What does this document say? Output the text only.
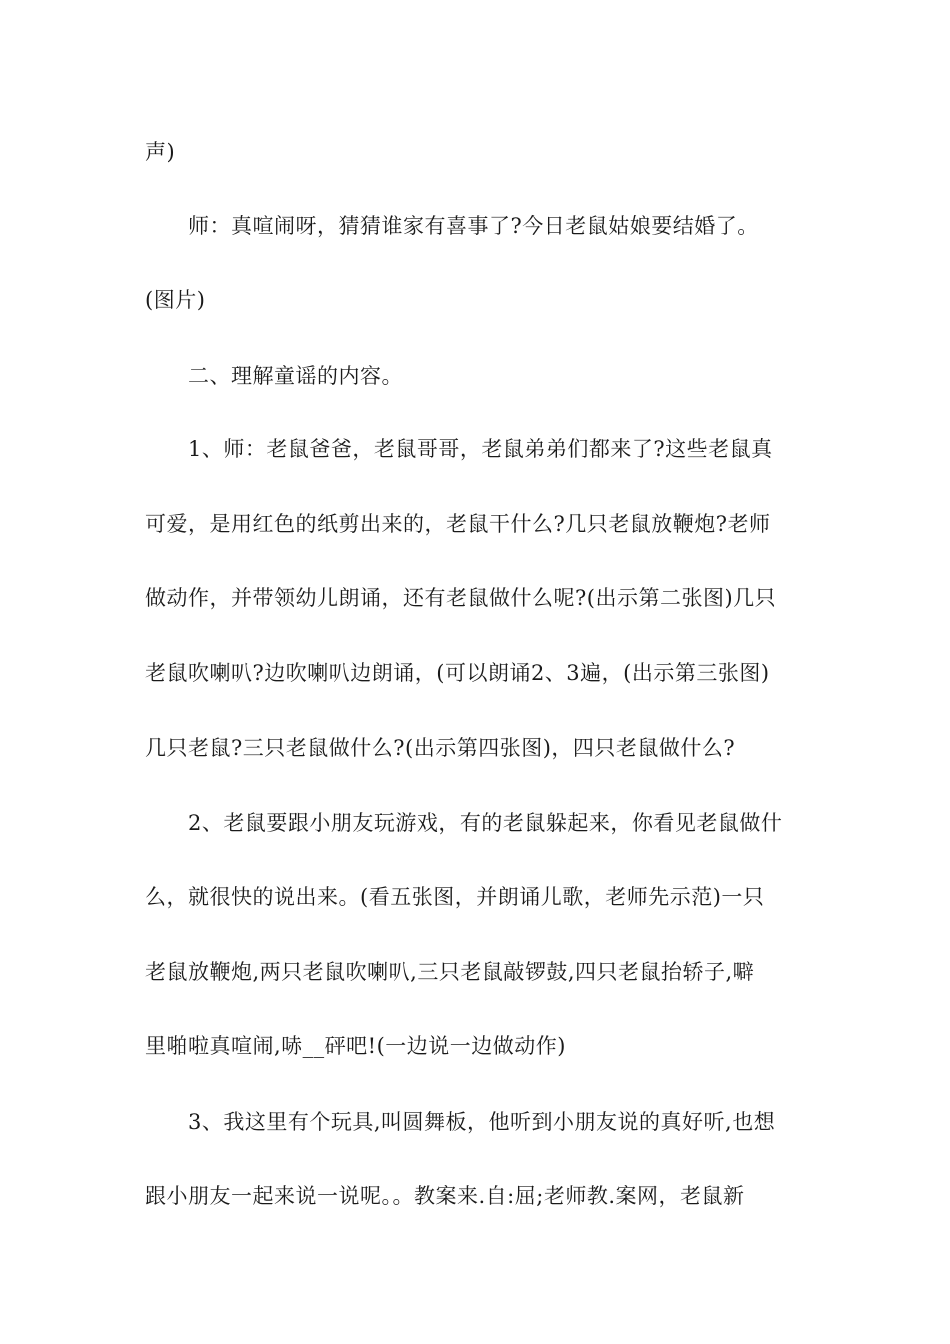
声)
师：真喧闹呀，猜猜谁家有喜事了?今日老鼠姑娘要结婚了。
(图片)
二、理解童谣的内容。
1、师：老鼠爸爸，老鼠哥哥，老鼠弟弟们都来了?这些老鼠真
可爱，是用红色的纸剪出来的，老鼠干什么?几只老鼠放鞭炮?老师
做动作，并带领幼儿朗诵，还有老鼠做什么呢?(出示第二张图)几只
老鼠吹喇叭?边吹喇叭边朗诵，(可以朗诵2、3遍，(出示第三张图)
几只老鼠?三只老鼠做什么?(出示第四张图)，四只老鼠做什么?
2、老鼠要跟小朋友玩游戏，有的老鼠躲起来，你看见老鼠做什
么，就很快的说出来。(看五张图，并朗诵儿歌，老师先示范)一只
老鼠放鞭炮,两只老鼠吹喇叭,三只老鼠敲锣鼓,四只老鼠抬轿子,噼
里啪啦真喧闹,哧__砰吧!(一边说一边做动作)
3、我这里有个玩具,叫圆舞板，他听到小朋友说的真好听,也想
跟小朋友一起来说一说呢。。教案来.自:屈;老师教.案网，老鼠新
